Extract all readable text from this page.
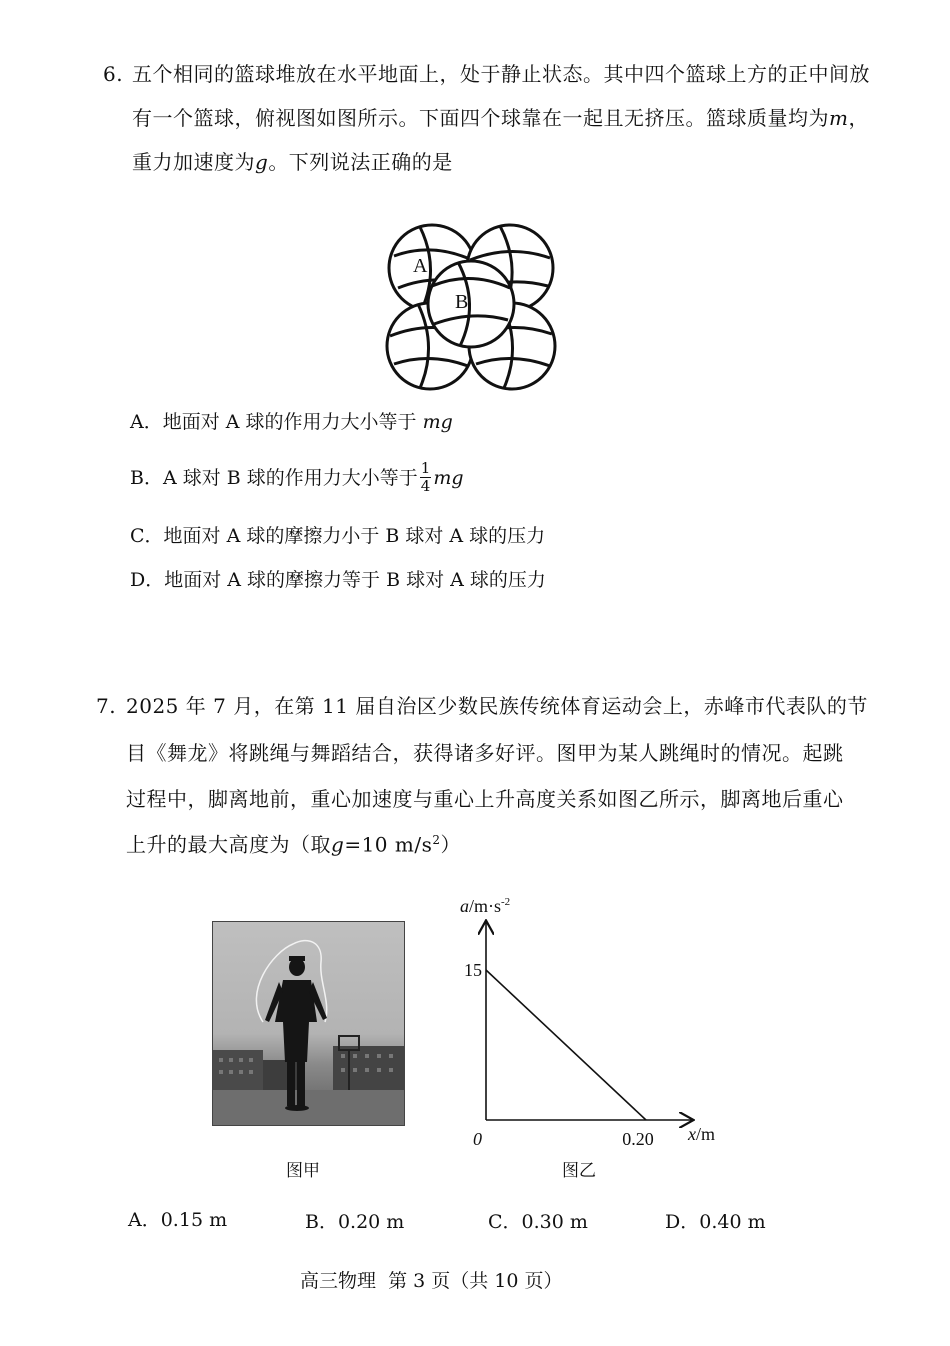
6. 五个相同的篮球堆放在水平地面上，处于静止状态。其中四个篮球上方的正中间放
有一个篮球，俯视图如图所示。下面四个球靠在一起且无挤压。篮球质量均为m，
重力加速度为g。下列说法正确的是
A
B
A．地面对 A 球的作用力大小等于 mg
B．A 球对 B 球的作用力大小等于 $\frac{1}{4}$ mg
C．地面对 A 球的摩擦力小于 B 球对 A 球的压力
D．地面对 A 球的摩擦力等于 B 球对 A 球的压力
7. 2025 年 7 月，在第 11 届自治区少数民族传统体育运动会上，赤峰市代表队的节
目《舞龙》将跳绳与舞蹈结合，获得诸多好评。图甲为某人跳绳时的情况。起跳
过程中，脚离地前，重心加速度与重心上升高度关系如图乙所示，脚离地后重心
上升的最大高度为（取g=10 $m/s^2$）
图甲
15
0.20
0
$a/m\cdot s^{-2}$
x/m
图乙
A．0.15 m	B．0.20 m	C．0.30 m	D．0.40 m
高三物理  第 3 页（共 10 页）
